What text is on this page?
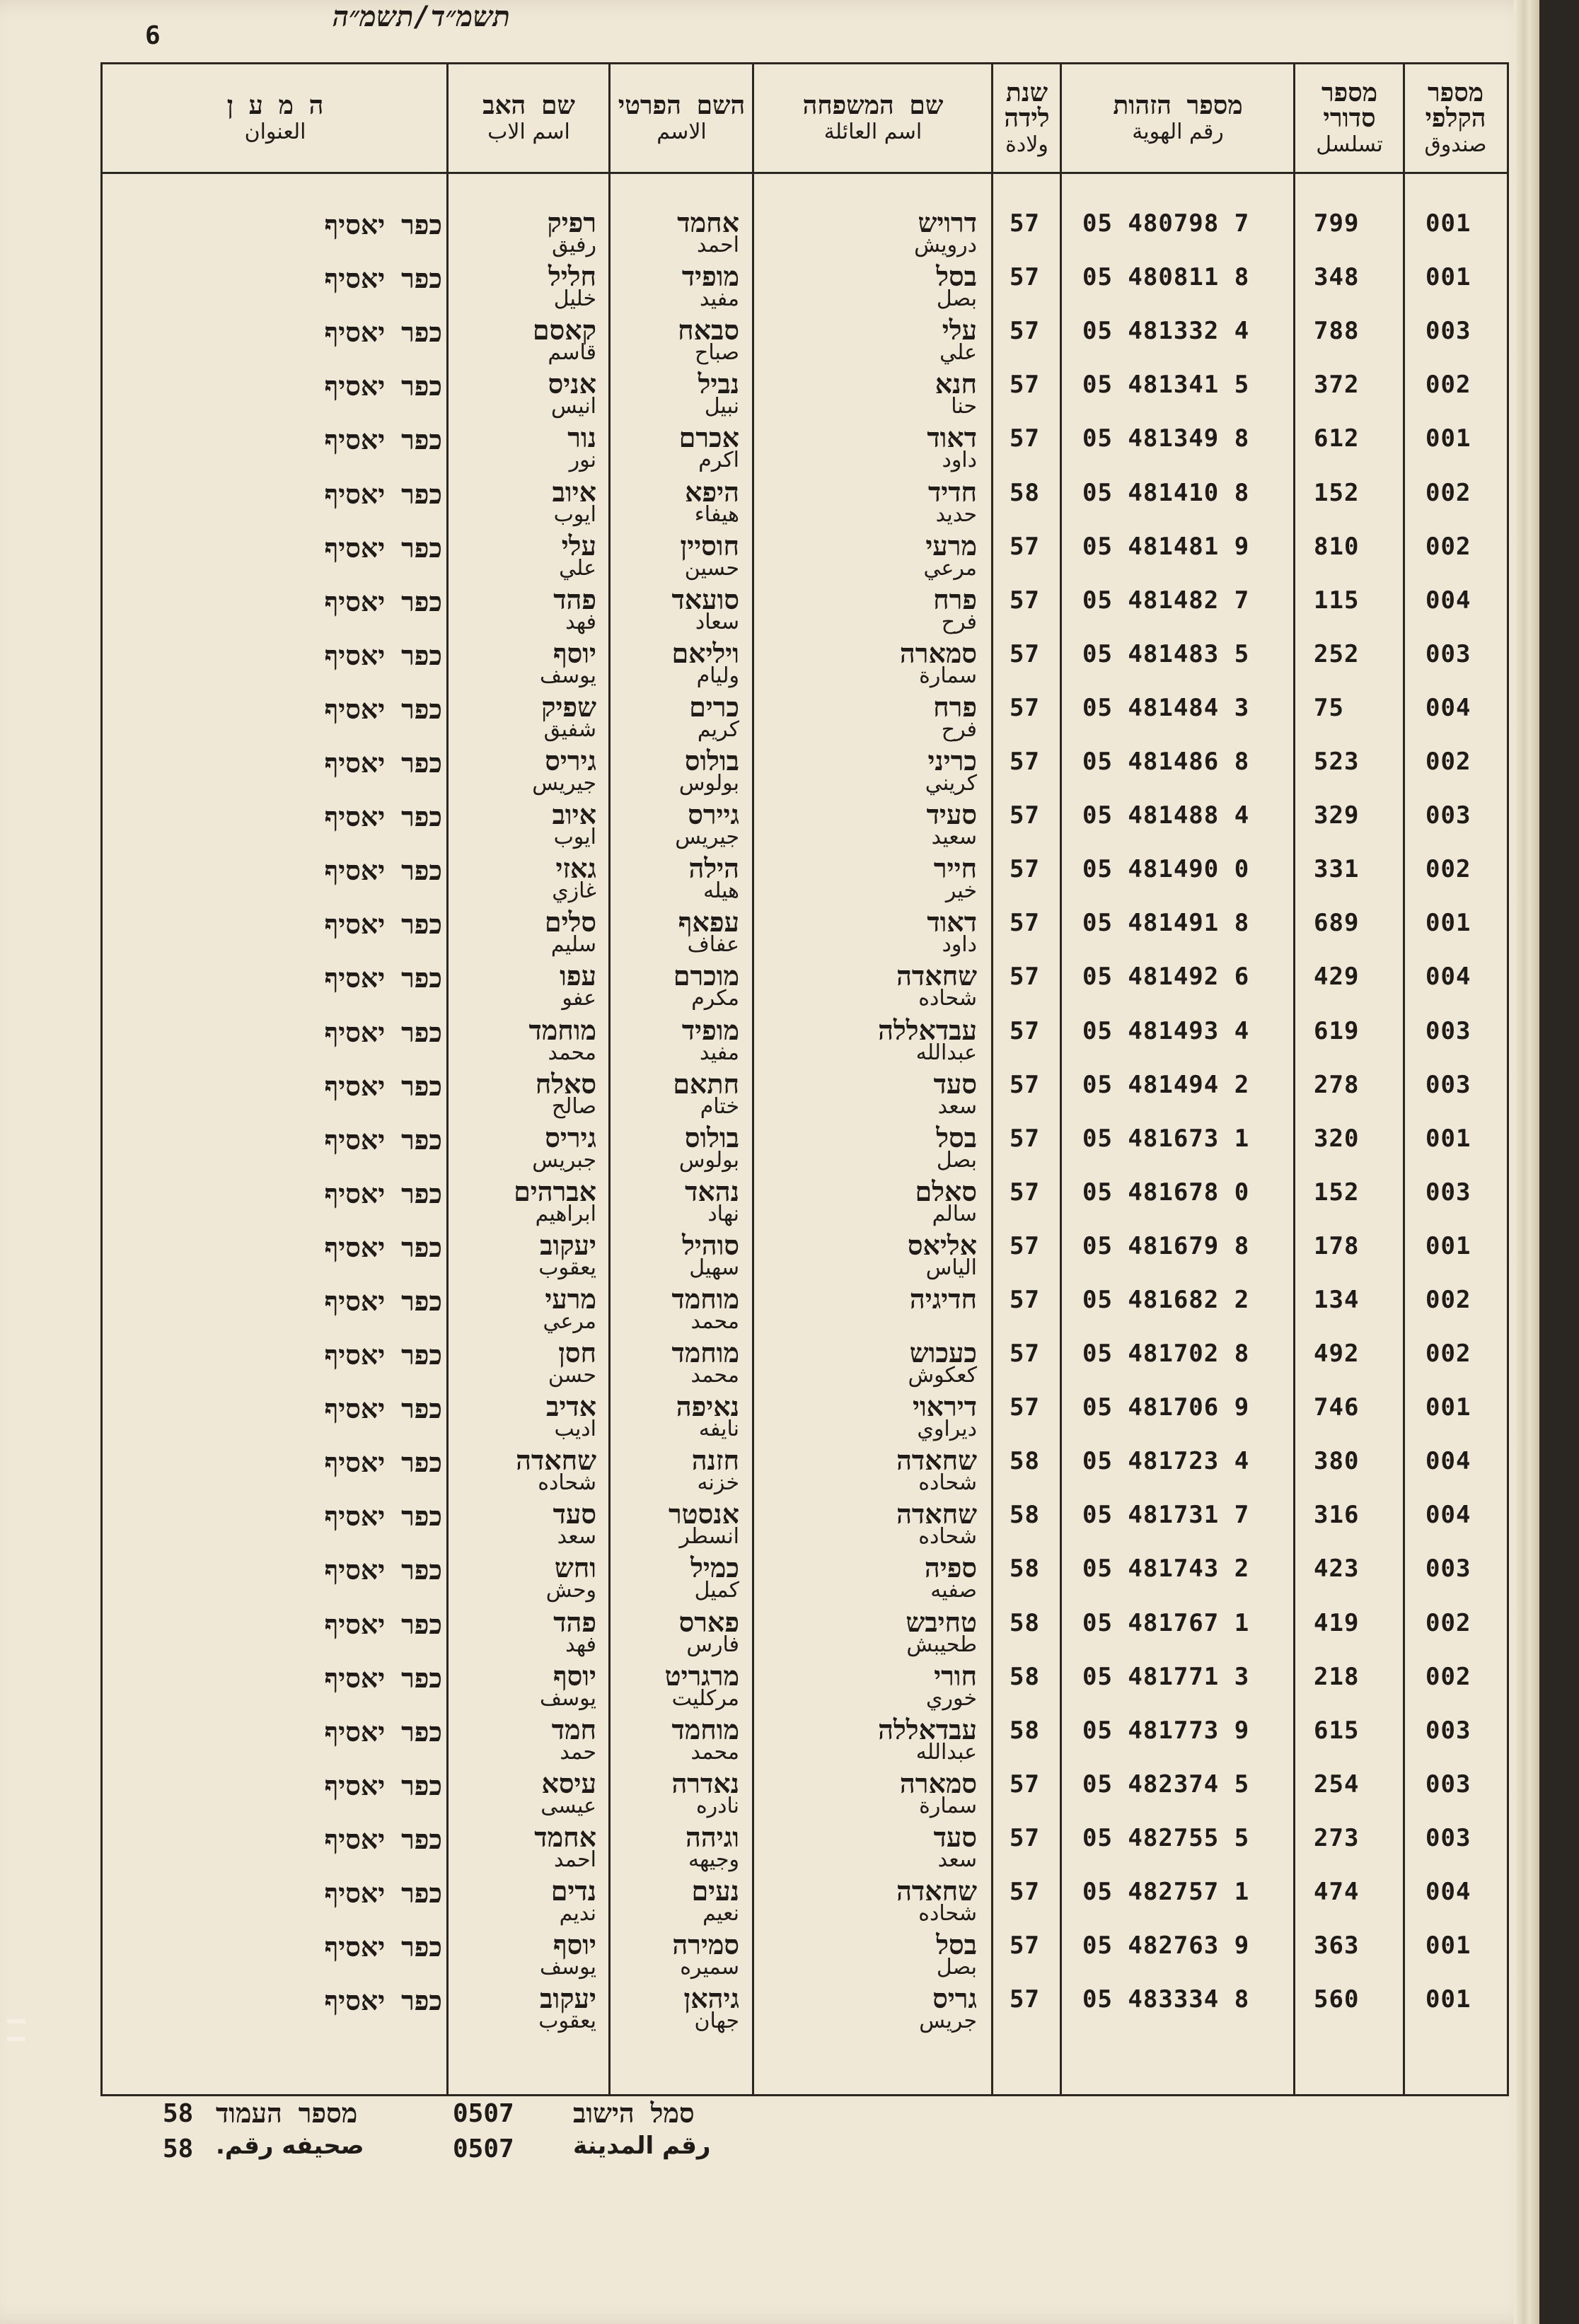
תשמ״ד/תשמ״ה
6
מספר הקלפי
صندوق
מספר סדורי
تسلسل
מספר הזהות
رقم الهوية
שנת לידה
ولادة
שם המשפחה
اسم العائلة
השם הפרטי
الاسم
שם האב
اسم الاب
ה מ ע ן
العنوان
001
799
05 480798 7
57
דרויש
درويش
אחמד
احمد
רפיק
رفيق
כפר יאסיף
001
348
05 480811 8
57
בסל
بصل
מופיד
مفيد
חליל
خليل
כפר יאסיף
003
788
05 481332 4
57
עלי
علي
סבאח
صباح
קאסם
قاسم
כפר יאסיף
002
372
05 481341 5
57
חנא
حنا
נביל
نبيل
אניס
انيس
כפר יאסיף
001
612
05 481349 8
57
דאוד
داود
אכרם
اكرم
נור
نور
כפר יאסיף
002
152
05 481410 8
58
חדיד
حديد
היפא
هيفاء
איוב
ايوب
כפר יאסיף
002
810
05 481481 9
57
מרעי
مرعي
חוסיין
حسين
עלי
علي
כפר יאסיף
004
115
05 481482 7
57
פרח
فرح
סועאד
سعاد
פהד
فهد
כפר יאסיף
003
252
05 481483 5
57
סמארה
سمارة
ויליאם
وليام
יוסף
يوسف
כפר יאסיף
004
75
05 481484 3
57
פרח
فرح
כרים
كريم
שפיק
شفيق
כפר יאסיף
002
523
05 481486 8
57
כריני
كريني
בולוס
بولوس
גיריס
جيريس
כפר יאסיף
003
329
05 481488 4
57
סעיד
سعيد
גיירס
جيريس
איוב
ايوب
כפר יאסיף
002
331
05 481490 0
57
חייר
خير
הילה
هيله
גאזי
غازي
כפר יאסיף
001
689
05 481491 8
57
דאוד
داود
עפאף
عفاف
סלים
سليم
כפר יאסיף
004
429
05 481492 6
57
שחאדה
شحاده
מוכרם
مكرم
עפו
عفو
כפר יאסיף
003
619
05 481493 4
57
עבדאללה
عبدالله
מופיד
مفيد
מוחמד
محمد
כפר יאסיף
003
278
05 481494 2
57
סעד
سعد
חתאם
ختام
סאלח
صالح
כפר יאסיף
001
320
05 481673 1
57
בסל
بصل
בולוס
بولوس
גיריס
جبريس
כפר יאסיף
003
152
05 481678 0
57
סאלם
سالم
נהאד
نهاد
אברהים
ابراهيم
כפר יאסיף
001
178
05 481679 8
57
אליאס
الياس
סוהיל
سهيل
יעקוב
يعقوب
כפר יאסיף
002
134
05 481682 2
57
חדיגיה
מוחמד
محمد
מרעי
مرعي
כפר יאסיף
002
492
05 481702 8
57
כעכוש
كعكوش
מוחמד
محمد
חסן
حسن
כפר יאסיף
001
746
05 481706 9
57
דיראוי
ديراوي
נאיפה
نايفه
אדיב
اديب
כפר יאסיף
004
380
05 481723 4
58
שחאדה
شحاده
חזנה
خزنه
שחאדה
شحاده
כפר יאסיף
004
316
05 481731 7
58
שחאדה
شحاده
אנסטר
انسطر
סעד
سعد
כפר יאסיף
003
423
05 481743 2
58
ספיה
صفيه
כמיל
كميل
וחש
وحش
כפר יאסיף
002
419
05 481767 1
58
טחיבש
طحيبش
פארס
فارس
פהד
فهد
כפר יאסיף
002
218
05 481771 3
58
חורי
خوري
מרגריט
مركليت
יוסף
يوسف
כפר יאסיף
003
615
05 481773 9
58
עבדאללה
عبدالله
מוחמד
محمد
חמד
حمد
כפר יאסיף
003
254
05 482374 5
57
סמארה
سمارة
נאדרה
نادره
עיסא
عيسى
כפר יאסיף
003
273
05 482755 5
57
סעד
سعد
וגיהה
وجيهه
אחמד
احمد
כפר יאסיף
004
474
05 482757 1
57
שחאדה
شحاده
נעים
نعيم
נדים
نديم
כפר יאסיף
001
363
05 482763 9
57
בסל
بصل
סמירה
سميره
יוסף
يوسف
כפר יאסיף
001
560
05 483334 8
57
גריס
جريس
גיהאן
جهان
יעקוב
يعقوب
כפר יאסיף
58 מספר העמוד	0507 סמל הישוב
58 صحيفه رقم.	0507 رقم المدينة
